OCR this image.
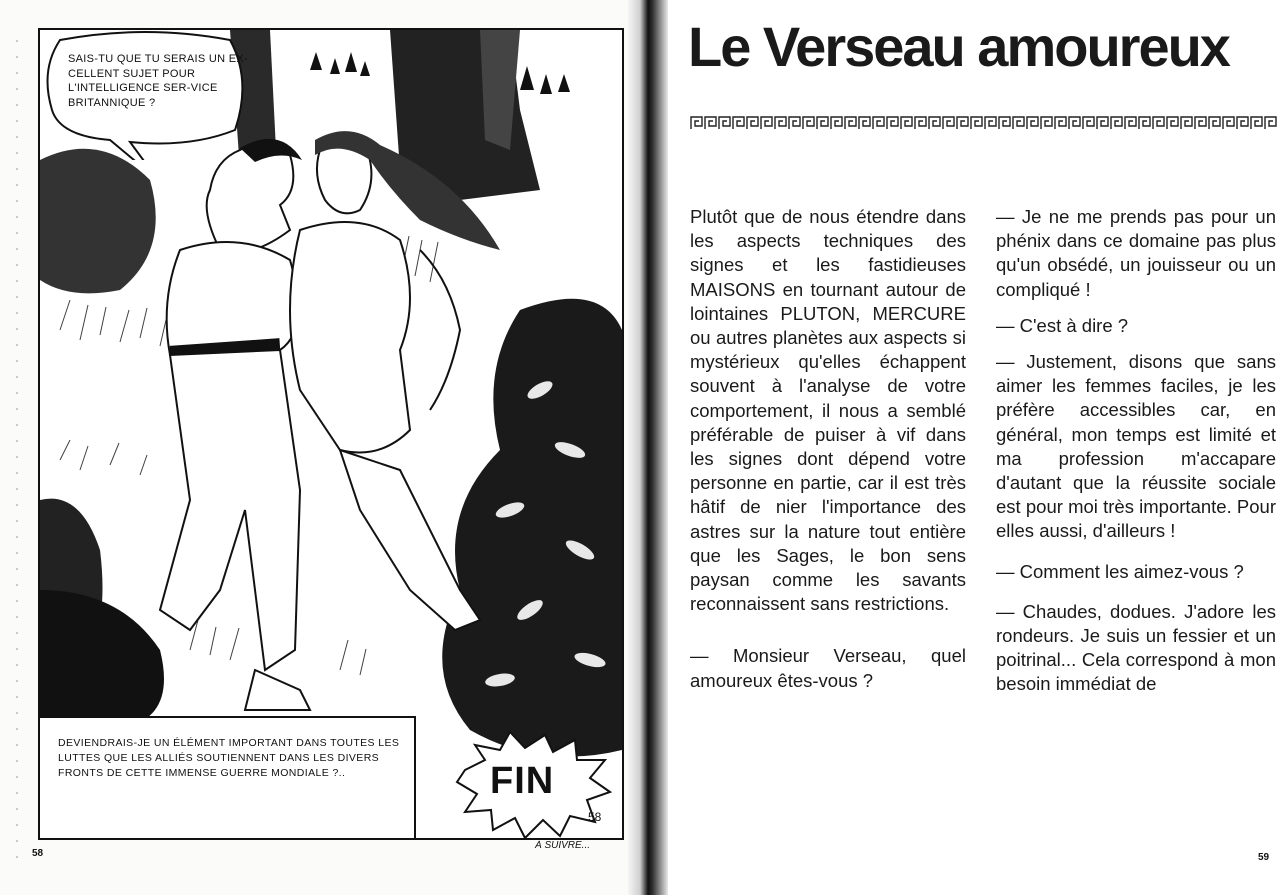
SAIS-TU QUE TU SERAIS UN EX-CELLENT SUJET POUR L'INTELLIGENCE SER-VICE BRITANNIQUE ?
DEVIENDRAIS-JE UN ÉLÉMENT IMPORTANT DANS TOUTES LES LUTTES QUE LES ALLIÉS SOUTIENNENT DANS LES DIVERS FRONTS DE CETTE IMMENSE GUERRE MONDIALE ?..	FIN
58
À SUIVRE...
58
Le Verseau amoureux

Plutôt que de nous étendre dans les aspects techniques des signes et les fastidieuses MAISONS en tournant autour de lointaines PLUTON, MERCURE ou autres planètes aux aspects si mystérieux qu'elles échappent souvent à l'analyse de votre comportement, il nous a semblé préférable de puiser à vif dans les signes dont dépend votre personne en partie, car il est très hâtif de nier l'importance des astres sur la nature tout entière que les Sages, le bon sens paysan comme les savants reconnaissent sans restrictions.

— Monsieur Verseau, quel amoureux êtes-vous ?

— Je ne me prends pas pour un phénix dans ce domaine pas plus qu'un obsédé, un jouisseur ou un compliqué !

— C'est à dire ?

— Justement, disons que sans aimer les femmes faciles, je les préfère accessibles car, en général, mon temps est limité et ma profession m'accapare d'autant que la réussite sociale est pour moi très importante. Pour elles aussi, d'ailleurs !

— Comment les aimez-vous ?

— Chaudes, dodues. J'adore les rondeurs. Je suis un fessier et un poitrinal... Cela correspond à mon besoin immédiat de

59
